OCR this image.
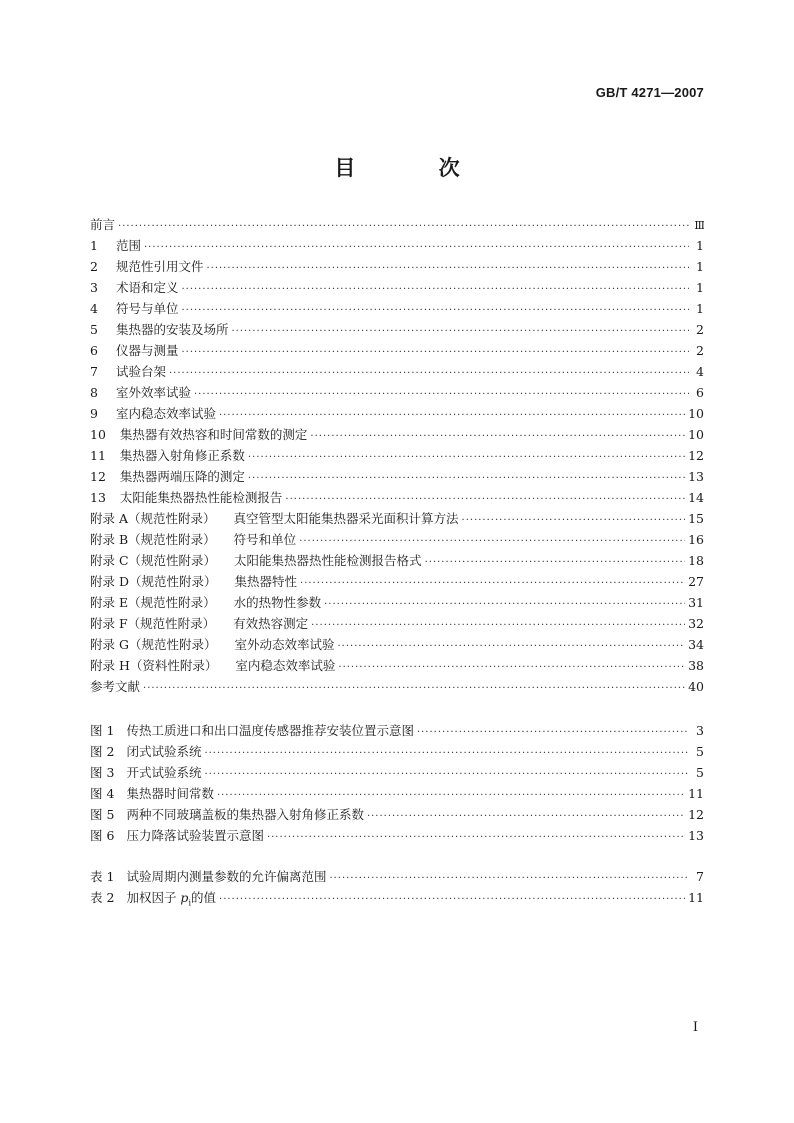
GB/T 4271—2007
目 次
前言 ·····	Ⅲ
1 范围 ·····	1
2 规范性引用文件 ·····	1
3 术语和定义 ·····	1
4 符号与单位 ·····	1
5 集热器的安装及场所 ·····	2
6 仪器与测量 ·····	2
7 试验台架 ·····	4
8 室外效率试验 ·····	6
9 室内稳态效率试验 ·····	10
10 集热器有效热容和时间常数的测定 ·····	10
11 集热器入射角修正系数 ·····	12
12 集热器两端压降的测定 ·····	13
13 太阳能集热器热性能检测报告 ·····	14
附录 A（规范性附录） 真空管型太阳能集热器采光面积计算方法 ·····	15
附录 B（规范性附录） 符号和单位 ·····	16
附录 C（规范性附录） 太阳能集热器热性能检测报告格式 ·····	18
附录 D（规范性附录） 集热器特性 ·····	27
附录 E（规范性附录） 水的热物性参数 ·····	31
附录 F（规范性附录） 有效热容测定 ·····	32
附录 G（规范性附录） 室外动态效率试验 ·····	34
附录 H（资料性附录） 室内稳态效率试验 ·····	38
参考文献 ·····	40
图 1 传热工质进口和出口温度传感器推荐安装位置示意图 ·····	3
图 2 闭式试验系统 ·····	5
图 3 开式试验系统 ·····	5
图 4 集热器时间常数 ·····	11
图 5 两种不同玻璃盖板的集热器入射角修正系数 ·····	12
图 6 压力降落试验装置示意图 ·····	13
表 1 试验周期内测量参数的允许偏离范围 ·····	7
表 2 加权因子 $p_i$的值 ·····	11
I
